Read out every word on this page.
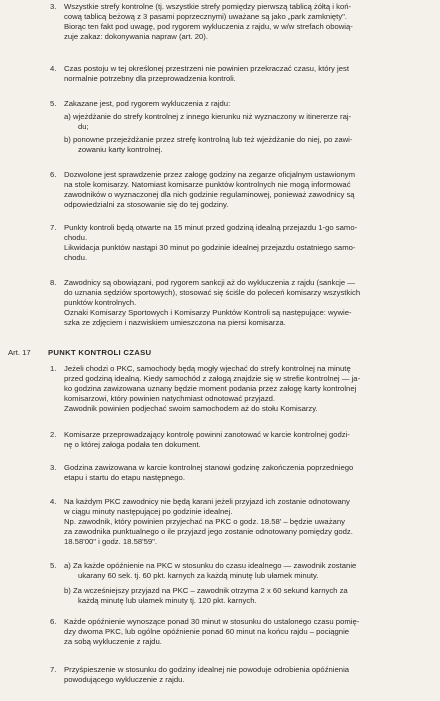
3. Wszystkie strefy kontrolne (tj. wszystkie strefy pomiędzy pierwszą tablicą żółtą i koń-

cową tablicą beżową z 3 pasami poprzecznymi) uważane są jako „park zamknięty".

Biorąc ten fakt pod uwagę, pod rygorem wykluczenia z rajdu, w w/w strefach obowią-

zuje zakaz: dokonywania napraw (art. 20).

4. Czas postoju w tej określonej przestrzeni nie powinien przekraczać czasu, który jest

normalnie potrzebny dla przeprowadzenia kontroli.

5. Zakazane jest, pod rygorem wykluczenia z rajdu:

a) wjeżdżanie do strefy kontrolnej z innego kierunku niż wyznaczony w itinererze raj-

du;

b) ponowne przejeżdżanie przez strefę kontrolną lub też wjeżdżanie do niej, po zawi-

zowaniu karty kontrolnej.

6. Dozwolone jest sprawdzenie przez załogę godziny na zegarze oficjalnym ustawionym

na stole komisarzy. Natomiast komisarze punktów kontrolnych nie mogą informować

zawodników o wyznaczonej dla nich godzinie regulaminowej, ponieważ zawodnicy są

odpowiedzialni za stosowanie się do tej godziny.

7. Punkty kontroli będą otwarte na 15 minut przed godziną idealną przejazdu 1-go samo-

chodu.

Likwidacja punktów nastąpi 30 minut po godzinie idealnej przejazdu ostatniego samo-

chodu.

8. Zawodnicy są obowiązani, pod rygorem sankcji aż do wykluczenia z rajdu (sankcje —

do uznania sędziów sportowych), stosować się ściśle do poleceń komisarzy wszystkich

punktów kontrolnych.

Oznaki Komisarzy Sportowych i Komisarzy Punktów Kontroli są następujące: wywie-

szka ze zdjęciem i nazwiskiem umieszczona na piersi komisarza.

Art. 17 PUNKT KONTROLI CZASU
1. Jeżeli chodzi o PKC, samochody będą mogły wjechać do strefy kontrolnej na minutę

przed godziną idealną. Kiedy samochód z załogą znajdzie się w strefie kontrolnej — ja-

ko godzina zawizowana uznany będzie moment podania przez załogę karty kontrolnej

komisarzowi, który powinien natychmiast odnotować przyjazd.

Zawodnik powinien podjechać swoim samochodem aż do stołu Komisarzy.

2. Komisarze przeprowadzający kontrolę powinni zanotować w karcie kontrolnej godzi-

nę o której załoga podała ten dokument.

3. Godzina zawizowana w karcie kontrolnej stanowi godzinę zakończenia poprzedniego

etapu i startu do etapu następnego.

4. Na każdym PKC zawodnicy nie będą karani jeżeli przyjazd ich zostanie odnotowany

w ciągu minuty następującej po godzinie idealnej.

Np. zawodnik, który powinien przyjechać na PKC o godz. 18.58' – będzie uważany

za zawodnika punktualnego o ile przyjazd jego zostanie odnotowany pomiędzy godz.

18.58'00" i godz. 18.58'59".

5. a) Za każde opóźnienie na PKC w stosunku do czasu idealnego — zawodnik zostanie

ukarany 60 sek. tj. 60 pkt. karnych za każdą minutę lub ułamek minuty.

b) Za wcześniejszy przyjazd na PKC – zawodnik otrzyma 2 x 60 sekund karnych za

każdą minutę lub ułamek minuty tj. 120 pkt. karnych.

6. Każde opóźnienie wynoszące ponad 30 minut w stosunku do ustalonego czasu pomię-

dzy dwoma PKC, lub ogólne opóźnienie ponad 60 minut na końcu rajdu – pociągnie

za sobą wykluczenie z rajdu.

7. Przyśpieszenie w stosunku do godziny idealnej nie powoduje odrobienia opóźnienia

powodującego wykluczenie z rajdu.
